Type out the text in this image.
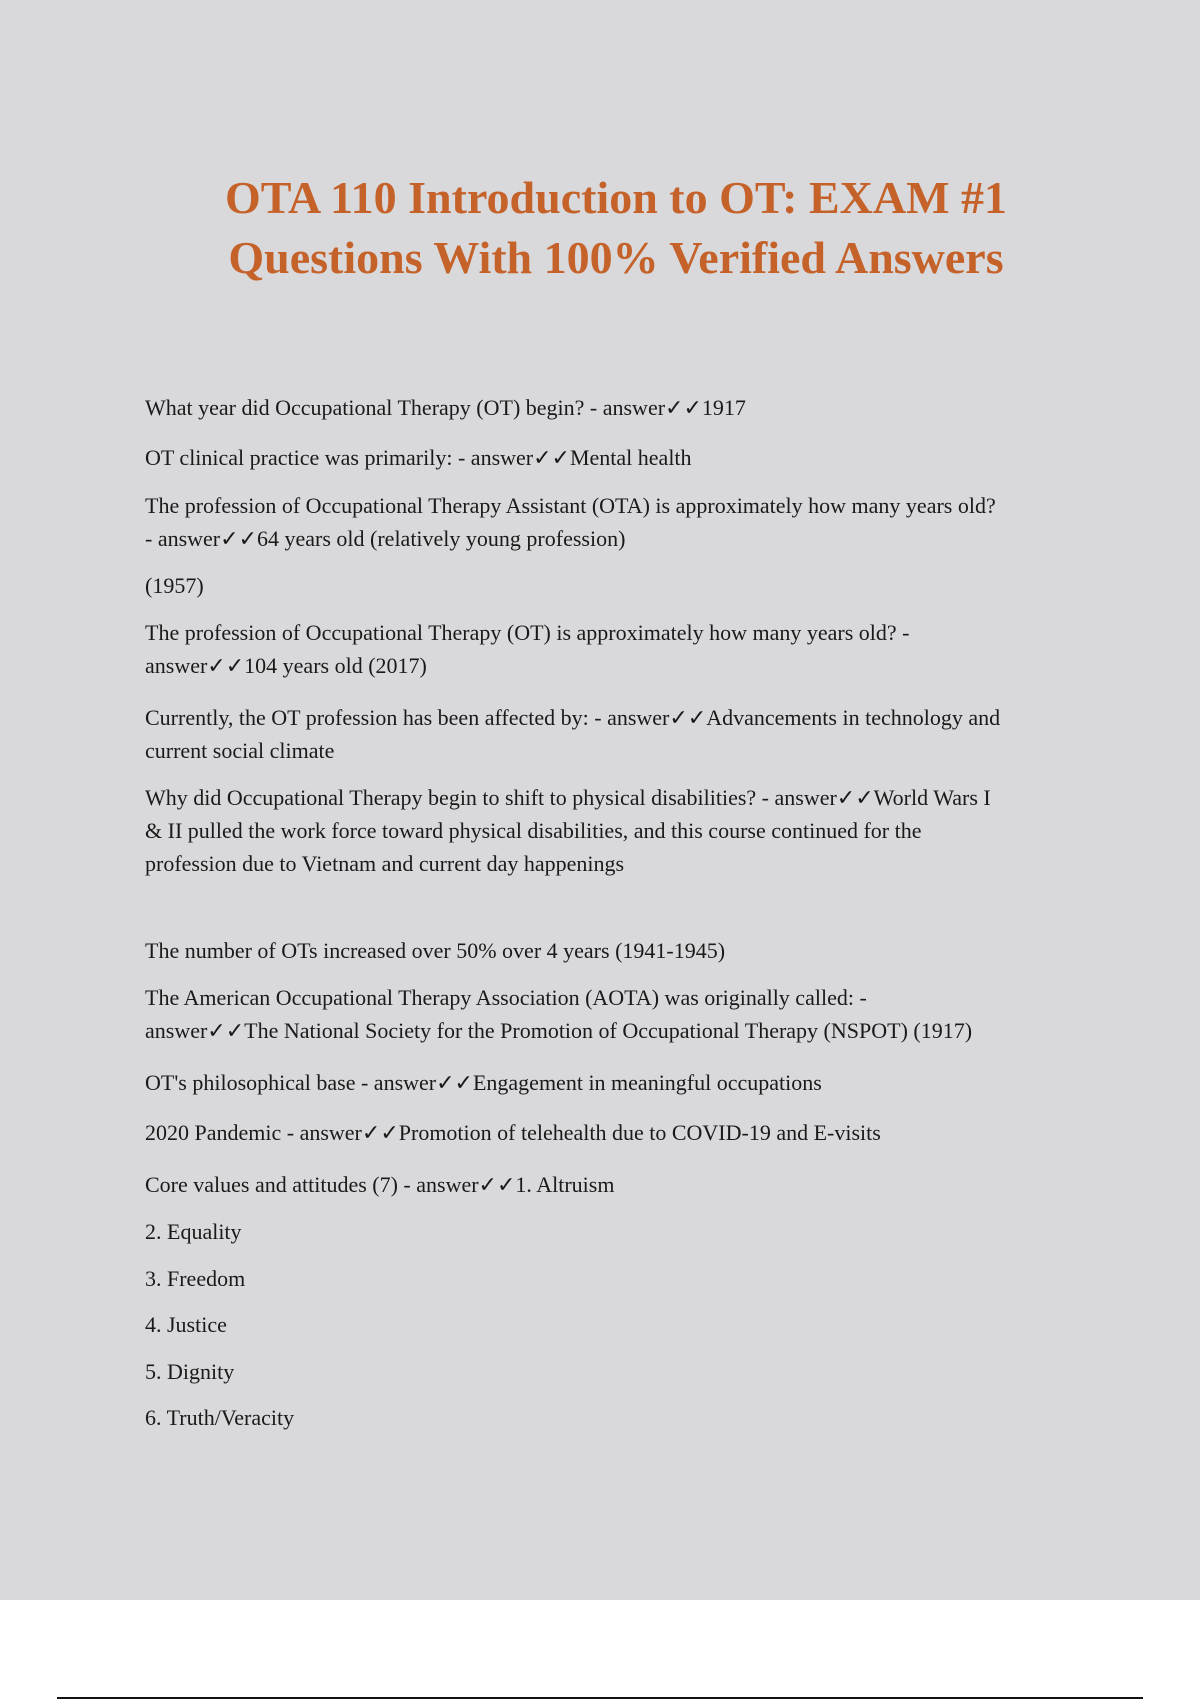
OTA 110 Introduction to OT: EXAM #1
Questions With 100% Verified Answers

What year did Occupational Therapy (OT) begin? - answer✓✓1917

OT clinical practice was primarily: - answer✓✓Mental health

The profession of Occupational Therapy Assistant (OTA) is approximately how many years old?
- answer✓✓64 years old (relatively young profession)

(1957)

The profession of Occupational Therapy (OT) is approximately how many years old? -
answer✓✓104 years old (2017)

Currently, the OT profession has been affected by: - answer✓✓Advancements in technology and
current social climate

Why did Occupational Therapy begin to shift to physical disabilities? - answer✓✓World Wars I
& II pulled the work force toward physical disabilities, and this course continued for the
profession due to Vietnam and current day happenings

The number of OTs increased over 50% over 4 years (1941-1945)

The American Occupational Therapy Association (AOTA) was originally called: -
answer✓✓The National Society for the Promotion of Occupational Therapy (NSPOT) (1917)

OT's philosophical base - answer✓✓Engagement in meaningful occupations

2020 Pandemic - answer✓✓Promotion of telehealth due to COVID-19 and E-visits

Core values and attitudes (7) - answer✓✓1. Altruism

2. Equality

3. Freedom

4. Justice

5. Dignity

6. Truth/Veracity
